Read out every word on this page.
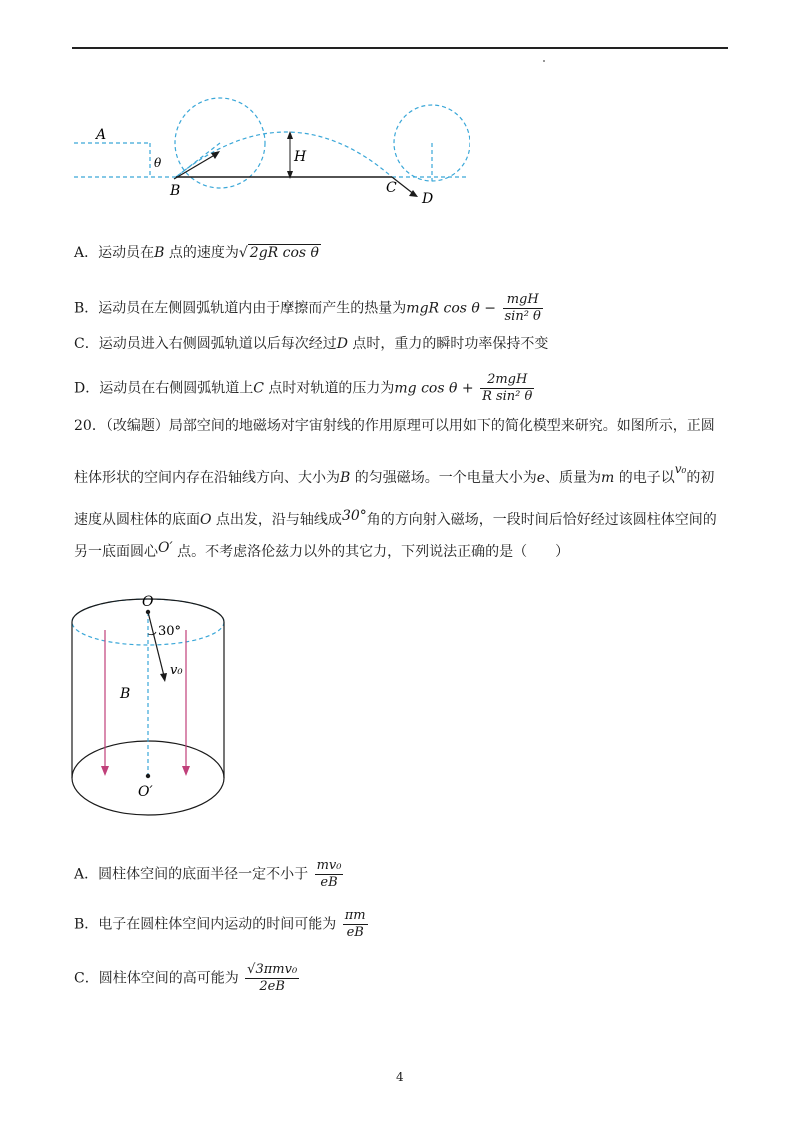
A
B	C
D
H
θ
A．运动员在B 点的速度为√ 2gR cos θ
B．运动员在左侧圆弧轨道内由于摩擦而产生的热量为mgR $\cos \theta - \frac{\text{mgH}}{\text{sin² θ}}$
C．运动员进入右侧圆弧轨道以后每次经过D 点时，重力的瞬时功率保持不变
D．运动员在右侧圆弧轨道上C 点时对轨道的压力为mg $\cos \theta + \frac{\text{2mgH}}{\text{R sin² θ}}$
20．（改编题）局部空间的地磁场对宇宙射线的作用原理可以用如下的简化模型来研究。如图所示，正圆
柱体形状的空间内存在沿轴线方向、大小为B 的匀强磁场。一个电量大小为e、质量为m 的电子以v₀的初
速度从圆柱体的底面O 点出发，沿与轴线成30°角的方向射入磁场，一段时间后恰好经过该圆柱体空间的
另一底面圆心O′ 点。不考虑洛伦兹力以外的其它力，下列说法正确的是（　　）
O
30°
v₀
B
O′
A．圆柱体空间的底面半径一定不小于 $\frac{\text{mv₀}}{eB}$
B．电子在圆柱体空间内运动的时间可能为 $\frac{\pi m}{eB}$
C．圆柱体空间的高可能为 $\frac{\text{√3πmv₀}}{2eB}$
4
